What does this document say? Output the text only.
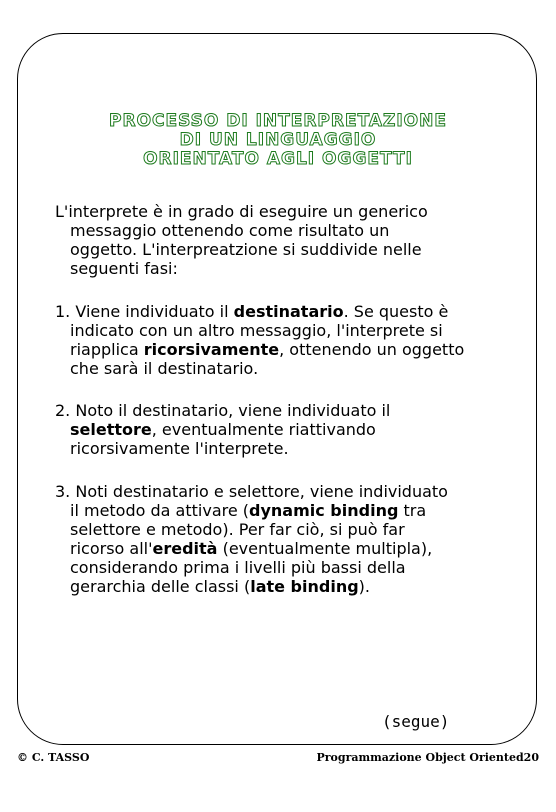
PROCESSO DI INTERPRETAZIONE
DI UN LINGUAGGIO
ORIENTATO AGLI OGGETTI
L'interprete è in grado di eseguire un generico
messaggio ottenendo come risultato un
oggetto. L'interpreatzione si suddivide nelle
seguenti fasi:
1. Viene individuato il destinatario. Se questo è
indicato con un altro messaggio, l'interprete si
riapplica ricorsivamente, ottenendo un oggetto
che sarà il destinatario.
2. Noto il destinatario, viene individuato il
selettore, eventualmente riattivando
ricorsivamente l'interprete.
3. Noti destinatario e selettore, viene individuato
il metodo da attivare (dynamic binding tra
selettore e metodo). Per far ciò, si può far
ricorso all'eredità (eventualmente multipla),
considerando prima i livelli più bassi della
gerarchia delle classi (late binding).
(segue)
© C. TASSO	Programmazione Object Oriented20
